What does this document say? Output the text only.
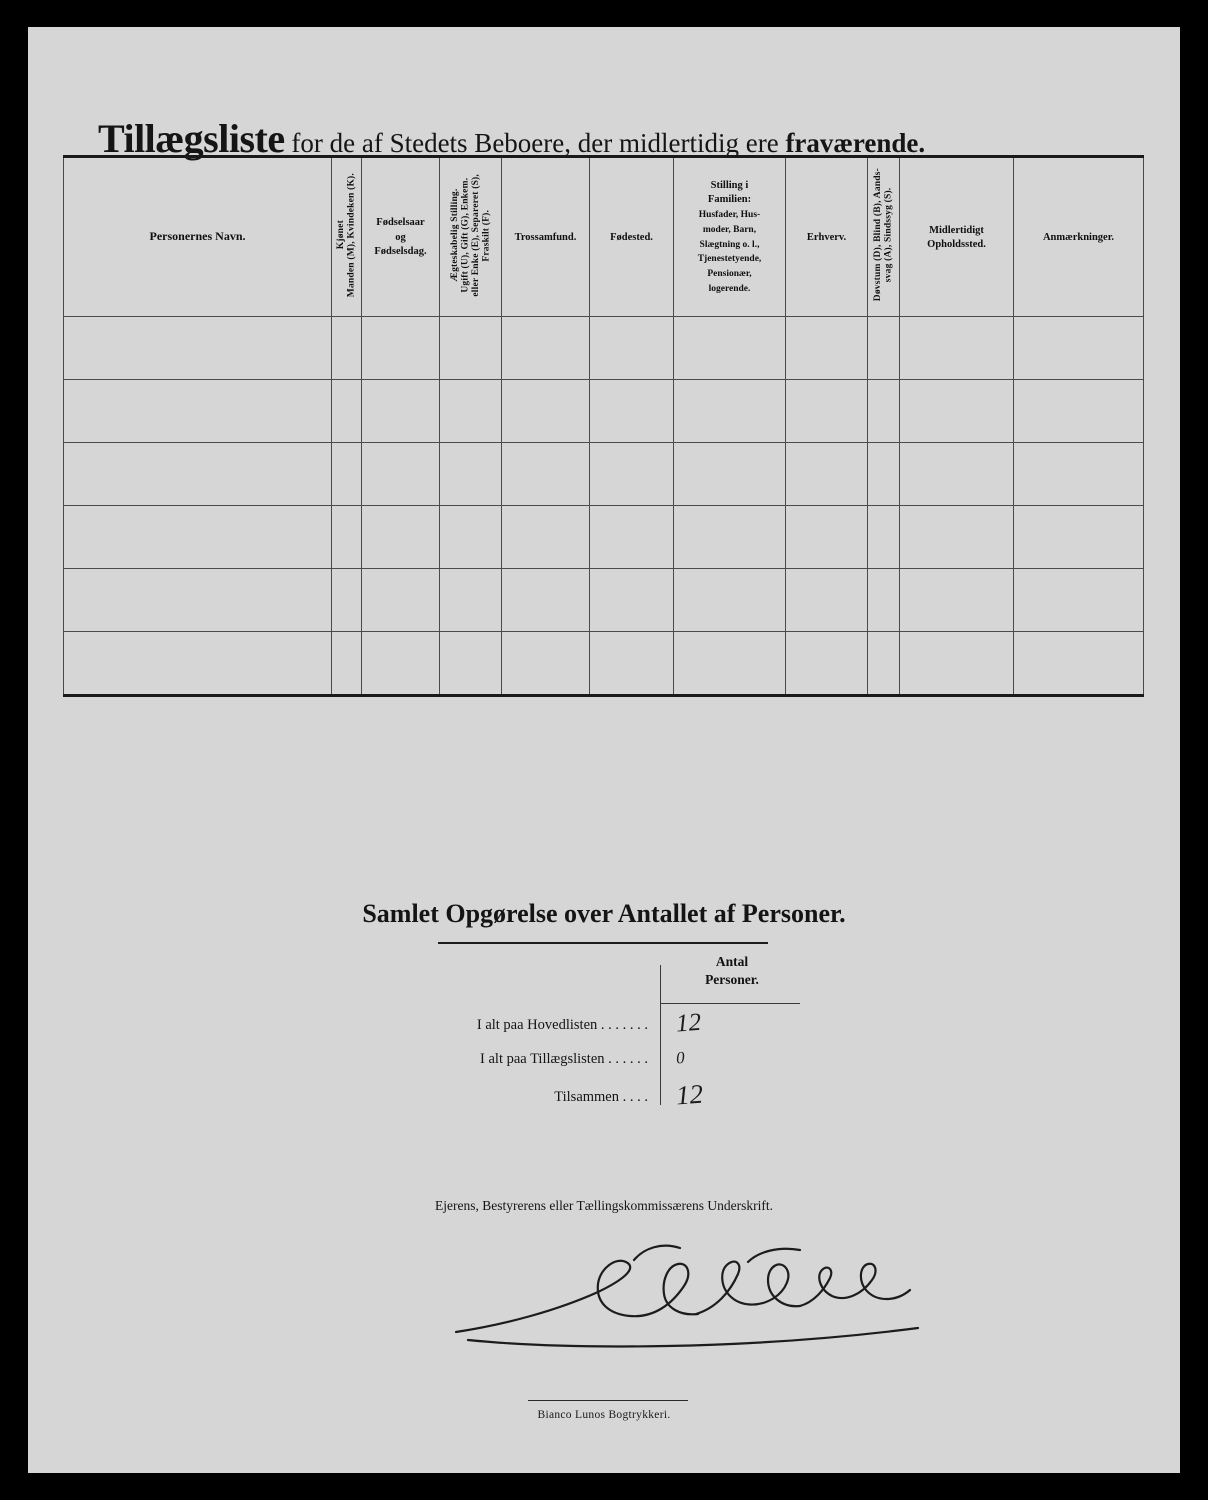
Tillægsliste for de af Stedets Beboere, der midlertidig ere fraværende.
Personernes Navn.	Kjønet
Manden (M), Kvindeken (K).	Fødselsaar
og
Fødselsdag.	Ægteskabelig Stilling.
Ugift (U), Gift (G), Enkem.
eller Enke (E), Separeret (S),
Fraskilt (F).	Trossamfund.	Fødested.	Stilling i
Familien:
Husfader, Hus-
moder, Barn,
Slægtning o. l.,
Tjenestetyende,
Pensionær,
logerende.	Erhverv.	Døvstum (D), Blind (B), Aands-
svag (A), Sindssyg (S).	Midlertidigt
Opholdssted.	Anmærkninger.

Samlet Opgørelse over Antallet af Personer.
Antal
Personer.
I alt paa Hovedlisten . . . . . . .	12
I alt paa Tillægslisten . . . . . .	0
Tilsammen . . . .	12
Ejerens, Bestyrerens eller Tællingskommissærens Underskrift.
Bianco Lunos Bogtrykkeri.
